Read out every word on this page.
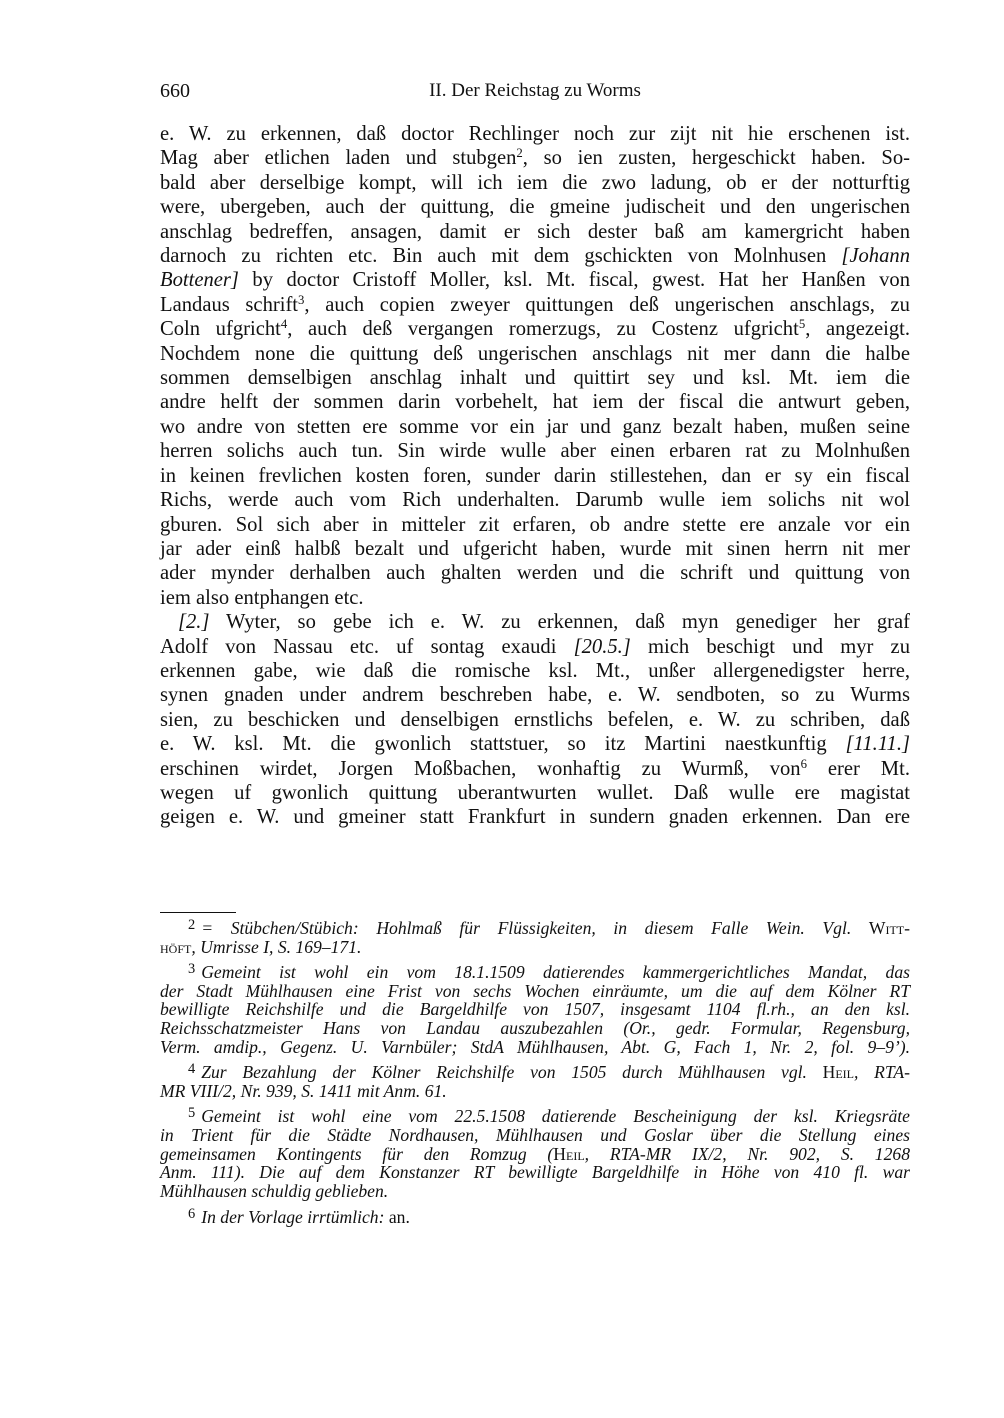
660	II. Der Reichstag zu Worms

e. W. zu erkennen, daß doctor Rechlinger noch zur zijt nit hie erschenen ist.
Mag aber etlichen laden und stubgen$^2$, so ien zusten, hergeschickt haben. So-
bald aber derselbige kompt, will ich iem die zwo ladung, ob er der notturftig
were, ubergeben, auch der quittung, die gmeine judischeit und den ungerischen
anschlag bedreffen, ansagen, damit er sich dester baß am kamergricht haben
darnoch zu richten etc. Bin auch mit dem gschickten von Molnhusen [Johann
Bottener] by doctor Cristoff Moller, ksl. Mt. fiscal, gwest. Hat her Hanßen von
Landaus schrift$^3$, auch copien zweyer quittungen deß ungerischen anschlags, zu
Coln ufgricht$^4$, auch deß vergangen romerzugs, zu Costenz ufgricht$^5$, angezeigt.
Nochdem none die quittung deß ungerischen anschlags nit mer dann die halbe
sommen demselbigen anschlag inhalt und quittirt sey und ksl. Mt. iem die
andre helft der sommen darin vorbehelt, hat iem der fiscal die antwurt geben,
wo andre von stetten ere somme vor ein jar und ganz bezalt haben, mußen seine
herren solichs auch tun. Sin wirde wulle aber einen erbaren rat zu Molnhußen
in keinen frevlichen kosten foren, sunder darin stillestehen, dan er sy ein fiscal
Richs, werde auch vom Rich underhalten. Darumb wulle iem solichs nit wol
gburen. Sol sich aber in mitteler zit erfaren, ob andre stette ere anzale vor ein
jar ader einß halbß bezalt und ufgericht haben, wurde mit sinen herrn nit mer
ader mynder derhalben auch ghalten werden und die schrift und quittung von
iem also entphangen etc.

[2.] Wyter, so gebe ich e. W. zu erkennen, daß myn genediger her graf
Adolf von Nassau etc. uf sontag exaudi [20.5.] mich beschigt und myr zu
erkennen gabe, wie daß die romische ksl. Mt., unßer allergenedigster herre,
synen gnaden under andrem beschreben habe, e. W. sendboten, so zu Wurms
sien, zu beschicken und denselbigen ernstlichs befelen, e. W. zu schriben, daß
e. W. ksl. Mt. die gwonlich stattstuer, so itz Martini naestkunftig [11.11.]
erschinen wirdet, Jorgen Moßbachen, wonhaftig zu Wurmß, von$^6$ erer Mt.
wegen uf gwonlich quittung uberantwurten wullet. Daß wulle ere magistat
geigen e. W. und gmeiner statt Frankfurt in sundern gnaden erkennen. Dan ere

$^2$ = Stübchen/Stübich: Hohlmaß für Flüssigkeiten, in diesem Falle Wein. Vgl. Witt-
höft, Umrisse I, S. 169–171.
$^3$ Gemeint ist wohl ein vom 18.1.1509 datierendes kammergerichtliches Mandat, das
der Stadt Mühlhausen eine Frist von sechs Wochen einräumte, um die auf dem Kölner RT
bewilligte Reichshilfe und die Bargeldhilfe von 1507, insgesamt 1104 fl.rh., an den ksl.
Reichsschatzmeister Hans von Landau auszubezahlen (Or., gedr. Formular, Regensburg,
Verm. amdip., Gegenz. U. Varnbüler; StdA Mühlhausen, Abt. G, Fach 1, Nr. 2, fol. 9–9’).
$^4$ Zur Bezahlung der Kölner Reichshilfe von 1505 durch Mühlhausen vgl. Heil, RTA-
MR VIII/2, Nr. 939, S. 1411 mit Anm. 61.
$^5$ Gemeint ist wohl eine vom 22.5.1508 datierende Bescheinigung der ksl. Kriegsräte
in Trient für die Städte Nordhausen, Mühlhausen und Goslar über die Stellung eines
gemeinsamen Kontingents für den Romzug (Heil, RTA-MR IX/2, Nr. 902, S. 1268
Anm. 111). Die auf dem Konstanzer RT bewilligte Bargeldhilfe in Höhe von 410 fl. war
Mühlhausen schuldig geblieben.
$^6$ In der Vorlage irrtümlich: an.
